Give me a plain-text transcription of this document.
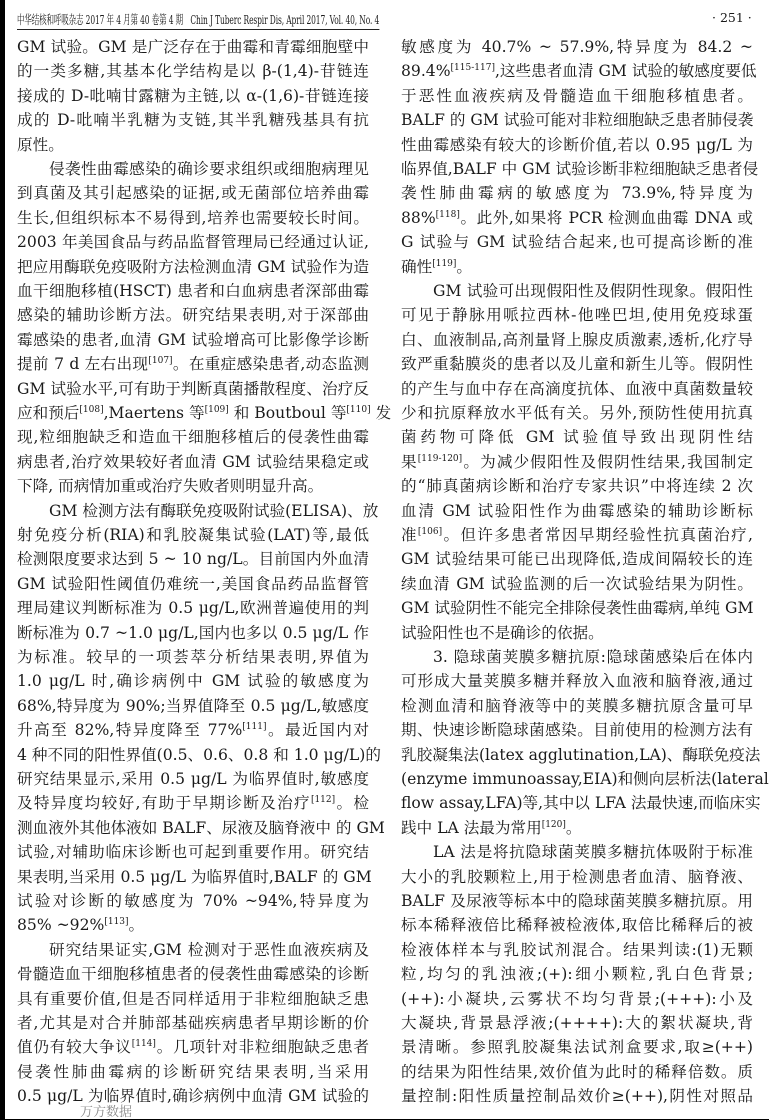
中华结核和呼吸杂志 2017 年 4 月第 40 卷第 4 期　Chin J Tuberc Respir Dis, April 2017, Vol. 40, No. 4	· 251 ·
GM 试验。GM 是广泛存在于曲霉和青霉细胞壁中
的一类多糖,其基本化学结构是以 β-(1,4)-苷链连
接成的 D-吡喃甘露糖为主链,以 α-(1,6)-苷链连接
成的 D-吡喃半乳糖为支链,其半乳糖残基具有抗
原性。
侵袭性曲霉感染的确诊要求组织或细胞病理见
到真菌及其引起感染的证据,或无菌部位培养曲霉
生长,但组织标本不易得到,培养也需要较长时间。
2003 年美国食品与药品监督管理局已经通过认证,
把应用酶联免疫吸附方法检测血清 GM 试验作为造
血干细胞移植(HSCT) 患者和白血病患者深部曲霉
感染的辅助诊断方法。研究结果表明,对于深部曲
霉感染的患者,血清 GM 试验增高可比影像学诊断
提前 7 d 左右出现[107]。在重症感染患者,动态监测
GM 试验水平,可有助于判断真菌播散程度、治疗反
应和预后[108],Maertens 等[109] 和 Boutboul 等[110] 发
现,粒细胞缺乏和造血干细胞移植后的侵袭性曲霉
病患者,治疗效果较好者血清 GM 试验结果稳定或
下降, 而病情加重或治疗失败者则明显升高。
GM 检测方法有酶联免疫吸附试验(ELISA)、放
射免疫分析(RIA)和乳胶凝集试验(LAT)等,最低
检测限度要求达到 5 ~ 10 ng/L。目前国内外血清
GM 试验阳性阈值仍难统一,美国食品药品监督管
理局建议判断标准为 0.5 μg/L,欧洲普遍使用的判
断标准为 0.7 ~1.0 μg/L,国内也多以 0.5 μg/L 作
为标准。较早的一项荟萃分析结果表明,界值为
1.0 μg/L 时,确诊病例中 GM 试验的敏感度为
68%,特异度为 90%;当界值降至 0.5 μg/L,敏感度
升高至 82%,特异度降至 77%[111]。最近国内对
4 种不同的阳性界值(0.5、0.6、0.8 和 1.0 μg/L)的
研究结果显示,采用 0.5 μg/L 为临界值时,敏感度
及特异度均较好,有助于早期诊断及治疗[112]。检
测血液外其他体液如 BALF、尿液及脑脊液中 的 GM
试验,对辅助临床诊断也可起到重要作用。研究结
果表明,当采用 0.5 μg/L 为临界值时,BALF 的 GM
试验对诊断的敏感度为 70% ~94%,特异度为
85% ~92%[113]。
研究结果证实,GM 检测对于恶性血液疾病及
骨髓造血干细胞移植患者的侵袭性曲霉感染的诊断
具有重要价值,但是否同样适用于非粒细胞缺乏患
者,尤其是对合并肺部基础疾病患者早期诊断的价
值仍有较大争议[114]。几项针对非粒细胞缺乏患者
侵袭性肺曲霉病的诊断研究结果表明,当采用
0.5 μg/L 为临界值时,确诊病例中血清 GM 试验的
敏感度为 40.7% ~ 57.9%,特异度为 84.2 ~
89.4%[115-117],这些患者血清 GM 试验的敏感度要低
于恶性血液疾病及骨髓造血干细胞移植患者。
BALF 的 GM 试验可能对非粒细胞缺乏患者肺侵袭
性曲霉感染有较大的诊断价值,若以 0.95 μg/L 为
临界值,BALF 中 GM 试验诊断非粒细胞缺乏患者侵
袭性肺曲霉病的敏感度为 73.9%,特异度为
88%[118]。此外,如果将 PCR 检测血曲霉 DNA 或
G 试验与 GM 试验结合起来,也可提高诊断的准
确性[119]。
GM 试验可出现假阳性及假阴性现象。假阳性
可见于静脉用哌拉西林-他唑巴坦,使用免疫球蛋
白、血液制品,高剂量肾上腺皮质激素,透析,化疗导
致严重黏膜炎的患者以及儿童和新生儿等。假阴性
的产生与血中存在高滴度抗体、血液中真菌数量较
少和抗原释放水平低有关。另外,预防性使用抗真
菌药物可降低 GM 试验值导致出现阴性结
果[119-120]。为减少假阳性及假阴性结果,我国制定
的“肺真菌病诊断和治疗专家共识”中将连续 2 次
血清 GM 试验阳性作为曲霉感染的辅助诊断标
准[106]。但许多患者常因早期经验性抗真菌治疗,
GM 试验结果可能已出现降低,造成间隔较长的连
续血清 GM 试验监测的后一次试验结果为阴性。
GM 试验阴性不能完全排除侵袭性曲霉病,单纯 GM
试验阳性也不是确诊的依据。
3. 隐球菌荚膜多糖抗原:隐球菌感染后在体内
可形成大量荚膜多糖并释放入血液和脑脊液,通过
检测血清和脑脊液等中的荚膜多糖抗原含量可早
期、快速诊断隐球菌感染。目前使用的检测方法有
乳胶凝集法(latex agglutination,LA)、酶联免疫法
(enzyme immunoassay,EIA)和侧向层析法(lateral
flow assay,LFA)等,其中以 LFA 法最快速,而临床实
践中 LA 法最为常用[120]。
LA 法是将抗隐球菌荚膜多糖抗体吸附于标准
大小的乳胶颗粒上,用于检测患者血清、脑脊液、
BALF 及尿液等标本中的隐球菌荚膜多糖抗原。用
标本稀释液倍比稀释被检液体,取倍比稀释后的被
检液体样本与乳胶试剂混合。结果判读:(1)无颗
粒,均匀的乳浊液;(+):细小颗粒,乳白色背景;
(++):小凝块,云雾状不均匀背景;(+++):小及
大凝块,背景悬浮液;(++++):大的絮状凝块,背
景清晰。参照乳胶凝集法试剂盒要求,取≥(++)
的结果为阳性结果,效价值为此时的稀释倍数。质
量控制:阳性质量控制品效价≥(++),阴性对照品
万方数据
